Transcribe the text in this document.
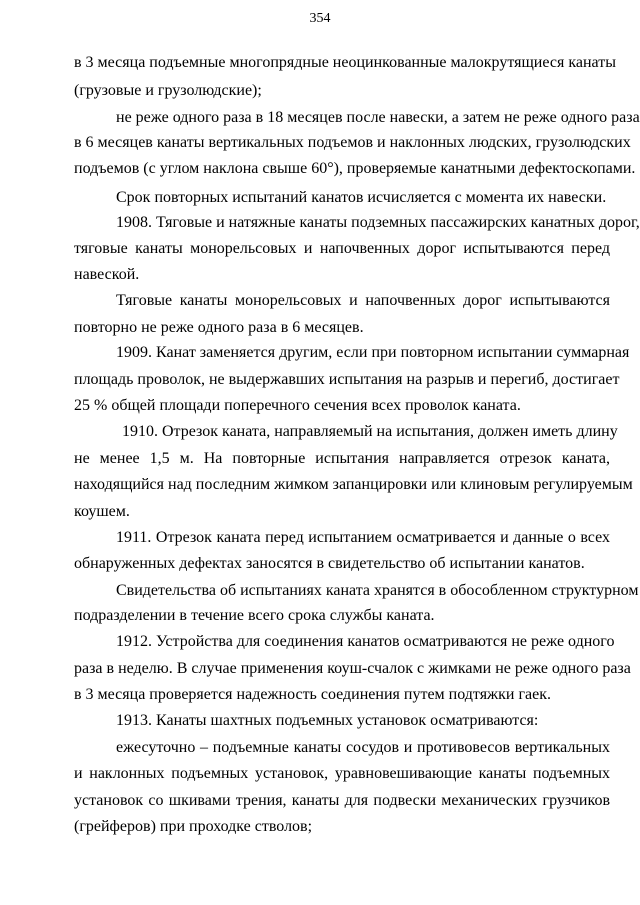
354
в 3 месяца подъемные многопрядные неоцинкованные малокрутящиеся канаты
(грузовые и грузолюдские);
не реже одного раза в 18 месяцев после навески, а затем не реже одного раза
в 6 месяцев канаты вертикальных подъемов и наклонных людских, грузолюдских
подъемов (с углом наклона свыше 60°), проверяемые канатными дефектоскопами.
Срок повторных испытаний канатов исчисляется с момента их навески.
1908. Тяговые и натяжные канаты подземных пассажирских канатных дорог,
тяговые канаты монорельсовых и напочвенных дорог испытываются перед
навеской.
Тяговые канаты монорельсовых и напочвенных дорог испытываются
повторно не реже одного раза в 6 месяцев.
1909. Канат заменяется другим, если при повторном испытании суммарная
площадь проволок, не выдержавших испытания на разрыв и перегиб, достигает
25 % общей площади поперечного сечения всех проволок каната.
1910. Отрезок каната, направляемый на испытания, должен иметь длину
не менее 1,5 м. На повторные испытания направляется отрезок каната,
находящийся над последним жимком запанцировки или клиновым регулируемым
коушем.
1911. Отрезок каната перед испытанием осматривается и данные о всех
обнаруженных дефектах заносятся в свидетельство об испытании канатов.
Свидетельства об испытаниях каната хранятся в обособленном структурном
подразделении в течение всего срока службы каната.
1912. Устройства для соединения канатов осматриваются не реже одного
раза в неделю. В случае применения коуш-счалок с жимками не реже одного раза
в 3 месяца проверяется надежность соединения путем подтяжки гаек.
1913. Канаты шахтных подъемных установок осматриваются:
ежесуточно – подъемные канаты сосудов и противовесов вертикальных
и наклонных подъемных установок, уравновешивающие канаты подъемных
установок со шкивами трения, канаты для подвески механических грузчиков
(грейферов) при проходке стволов;
